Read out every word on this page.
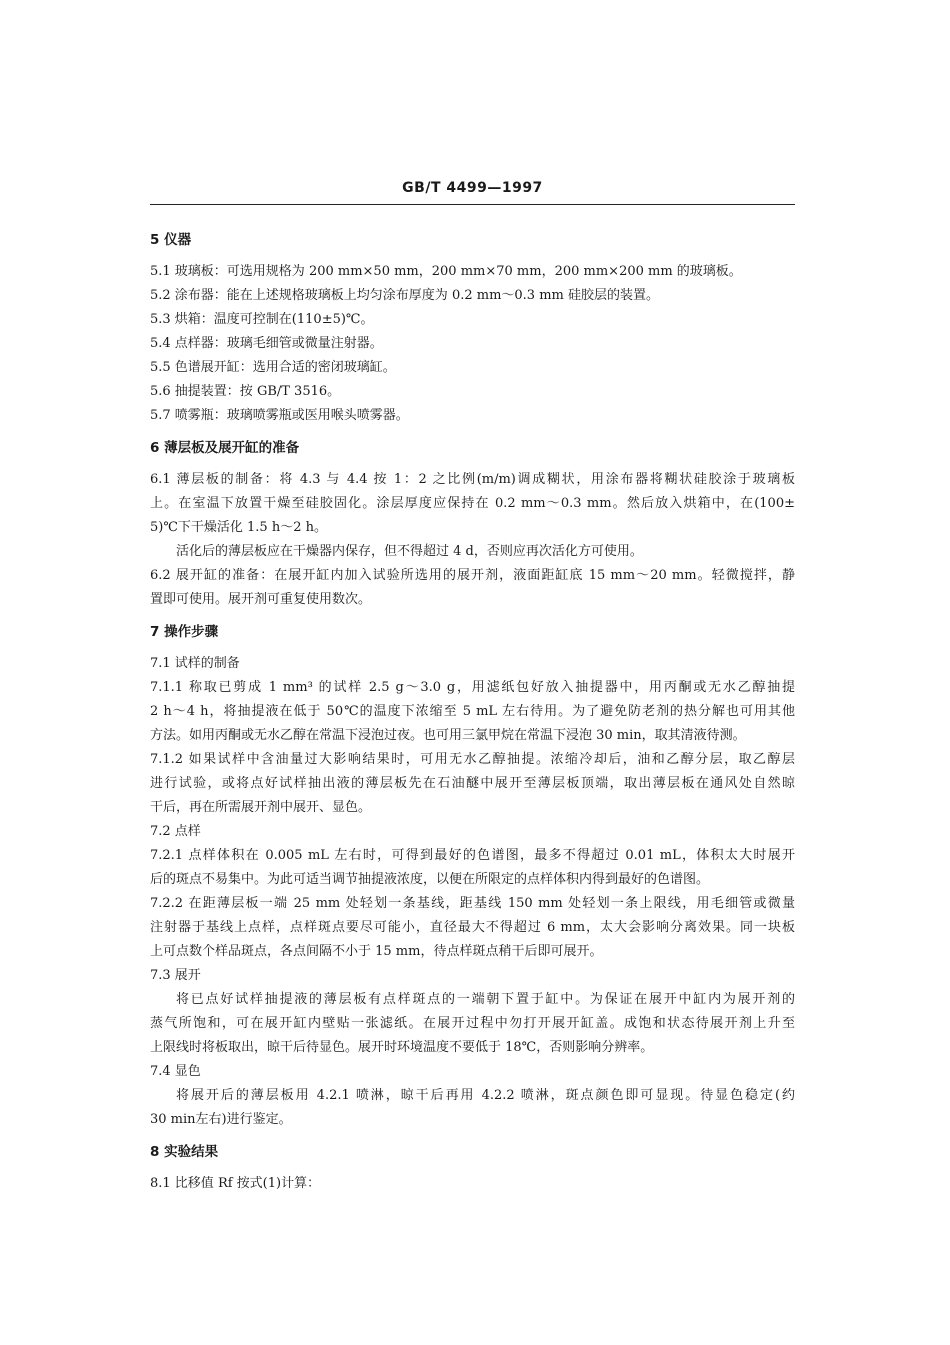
GB/T 4499—1997
5 仪器
5.1 玻璃板：可选用规格为 200 mm×50 mm，200 mm×70 mm，200 mm×200 mm 的玻璃板。
5.2 涂布器：能在上述规格玻璃板上均匀涂布厚度为 0.2 mm～0.3 mm 硅胶层的装置。
5.3 烘箱：温度可控制在(110±5)℃。
5.4 点样器：玻璃毛细管或微量注射器。
5.5 色谱展开缸：选用合适的密闭玻璃缸。
5.6 抽提装置：按 GB/T 3516。
5.7 喷雾瓶：玻璃喷雾瓶或医用喉头喷雾器。
6 薄层板及展开缸的准备
6.1 薄层板的制备：将 4.3 与 4.4 按 1：2 之比例(m/m)调成糊状，用涂布器将糊状硅胶涂于玻璃板
上。在室温下放置干燥至硅胶固化。涂层厚度应保持在 0.2 mm～0.3 mm。然后放入烘箱中，在(100±
5)℃下干燥活化 1.5 h～2 h。
活化后的薄层板应在干燥器内保存，但不得超过 4 d，否则应再次活化方可使用。
6.2 展开缸的准备：在展开缸内加入试验所选用的展开剂，液面距缸底 15 mm～20 mm。轻微搅拌，静
置即可使用。展开剂可重复使用数次。
7 操作步骤
7.1 试样的制备
7.1.1 称取已剪成 1 mm³ 的试样 2.5 g～3.0 g，用滤纸包好放入抽提器中，用丙酮或无水乙醇抽提
2 h～4 h，将抽提液在低于 50℃的温度下浓缩至 5 mL 左右待用。为了避免防老剂的热分解也可用其他
方法。如用丙酮或无水乙醇在常温下浸泡过夜。也可用三氯甲烷在常温下浸泡 30 min，取其清液待测。
7.1.2 如果试样中含油量过大影响结果时，可用无水乙醇抽提。浓缩冷却后，油和乙醇分层，取乙醇层
进行试验，或将点好试样抽出液的薄层板先在石油醚中展开至薄层板顶端，取出薄层板在通风处自然晾
干后，再在所需展开剂中展开、显色。
7.2 点样
7.2.1 点样体积在 0.005 mL 左右时，可得到最好的色谱图，最多不得超过 0.01 mL，体积太大时展开
后的斑点不易集中。为此可适当调节抽提液浓度，以便在所限定的点样体积内得到最好的色谱图。
7.2.2 在距薄层板一端 25 mm 处轻划一条基线，距基线 150 mm 处轻划一条上限线，用毛细管或微量
注射器于基线上点样，点样斑点要尽可能小，直径最大不得超过 6 mm，太大会影响分离效果。同一块板
上可点数个样品斑点，各点间隔不小于 15 mm，待点样斑点稍干后即可展开。
7.3 展开
将已点好试样抽提液的薄层板有点样斑点的一端朝下置于缸中。为保证在展开中缸内为展开剂的
蒸气所饱和，可在展开缸内壁贴一张滤纸。在展开过程中勿打开展开缸盖。成饱和状态待展开剂上升至
上限线时将板取出，晾干后待显色。展开时环境温度不要低于 18℃，否则影响分辨率。
7.4 显色
将展开后的薄层板用 4.2.1 喷淋，晾干后再用 4.2.2 喷淋，斑点颜色即可显现。待显色稳定(约
30 min左右)进行鉴定。
8 实验结果
8.1 比移值 Rf 按式(1)计算：
